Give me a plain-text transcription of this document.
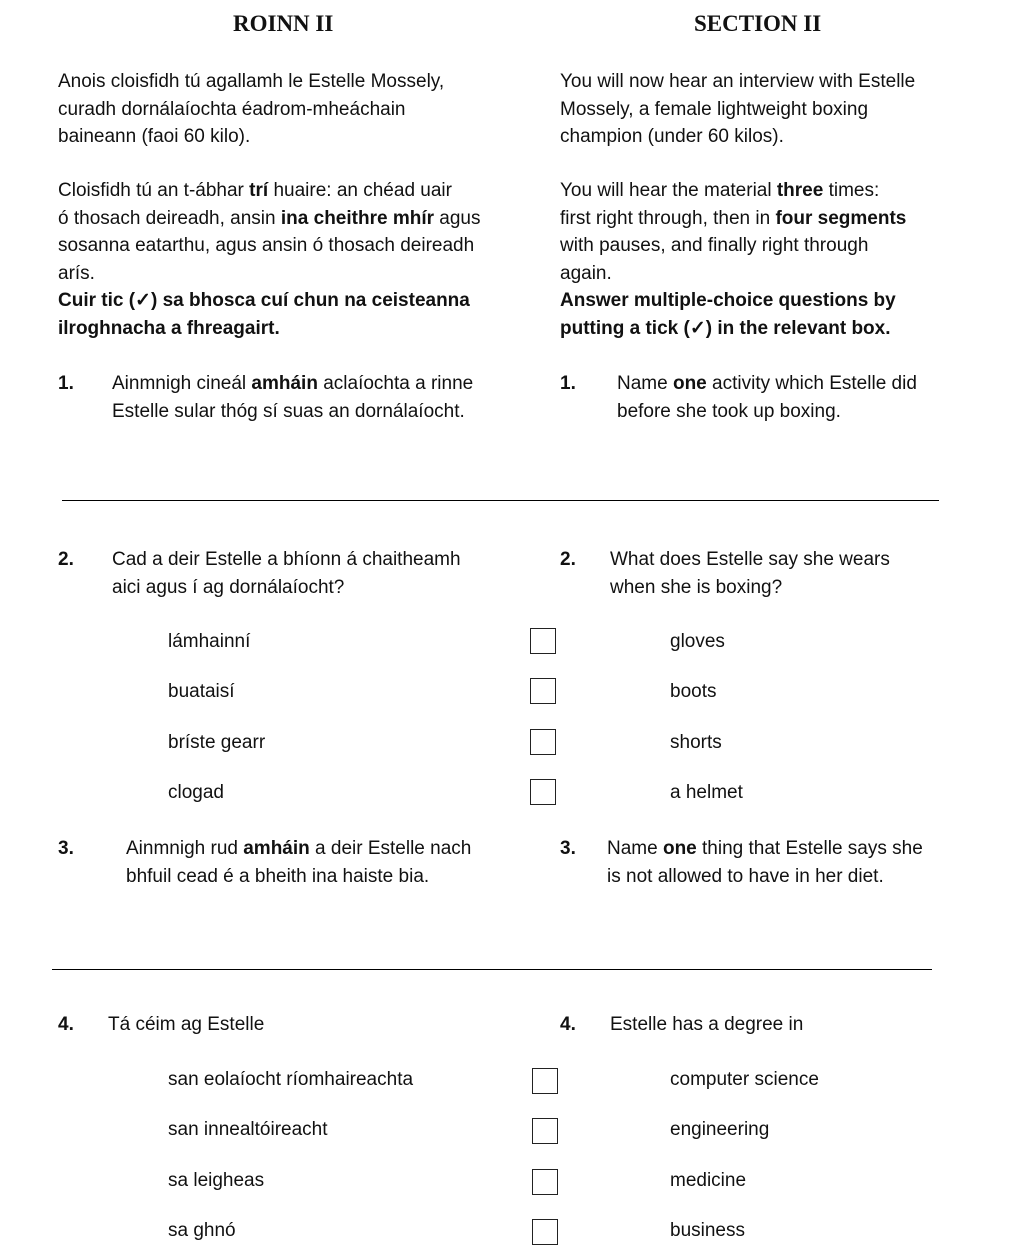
ROINN II	SECTION II
Anois cloisfidh tú agallamh le Estelle Mossely,
curadh dornálaíochta éadrom-mheáchain
baineann (faoi 60 kilo).
You will now hear an interview with Estelle
Mossely, a female lightweight boxing
champion (under 60 kilos).
Cloisfidh tú an t-ábhar trí huaire: an chéad uair
ó thosach deireadh, ansin ina cheithre mhír agus
sosanna eatarthu, agus ansin ó thosach deireadh
arís.
Cuir tic (✓) sa bhosca cuí chun na ceisteanna
ilroghnacha a fhreagairt.
You will hear the material three times:
first right through, then in four segments
with pauses, and finally right through
again.
Answer multiple-choice questions by
putting a tick (✓) in the relevant box.
1. Ainmnigh cineál amháin aclaíochta a rinne
Estelle sular thóg sí suas an dornálaíocht.
1. Name one activity which Estelle did
before she took up boxing.
2. Cad a deir Estelle a bhíonn á chaitheamh
aici agus í ag dornálaíocht?
2. What does Estelle say she wears
when she is boxing?
lámhainní	gloves
buataisí	boots
bríste gearr	shorts
clogad	a helmet
3.	Ainmnigh rud amháin a deir Estelle nach
bhfuil cead é a bheith ina haiste bia.
3. Name one thing that Estelle says she
is not allowed to have in her diet.
4. Tá céim ag Estelle	4. Estelle has a degree in
san eolaíocht ríomhaireachta	computer science
san innealtóireacht	engineering
sa leigheas	medicine
sa ghnó	business
